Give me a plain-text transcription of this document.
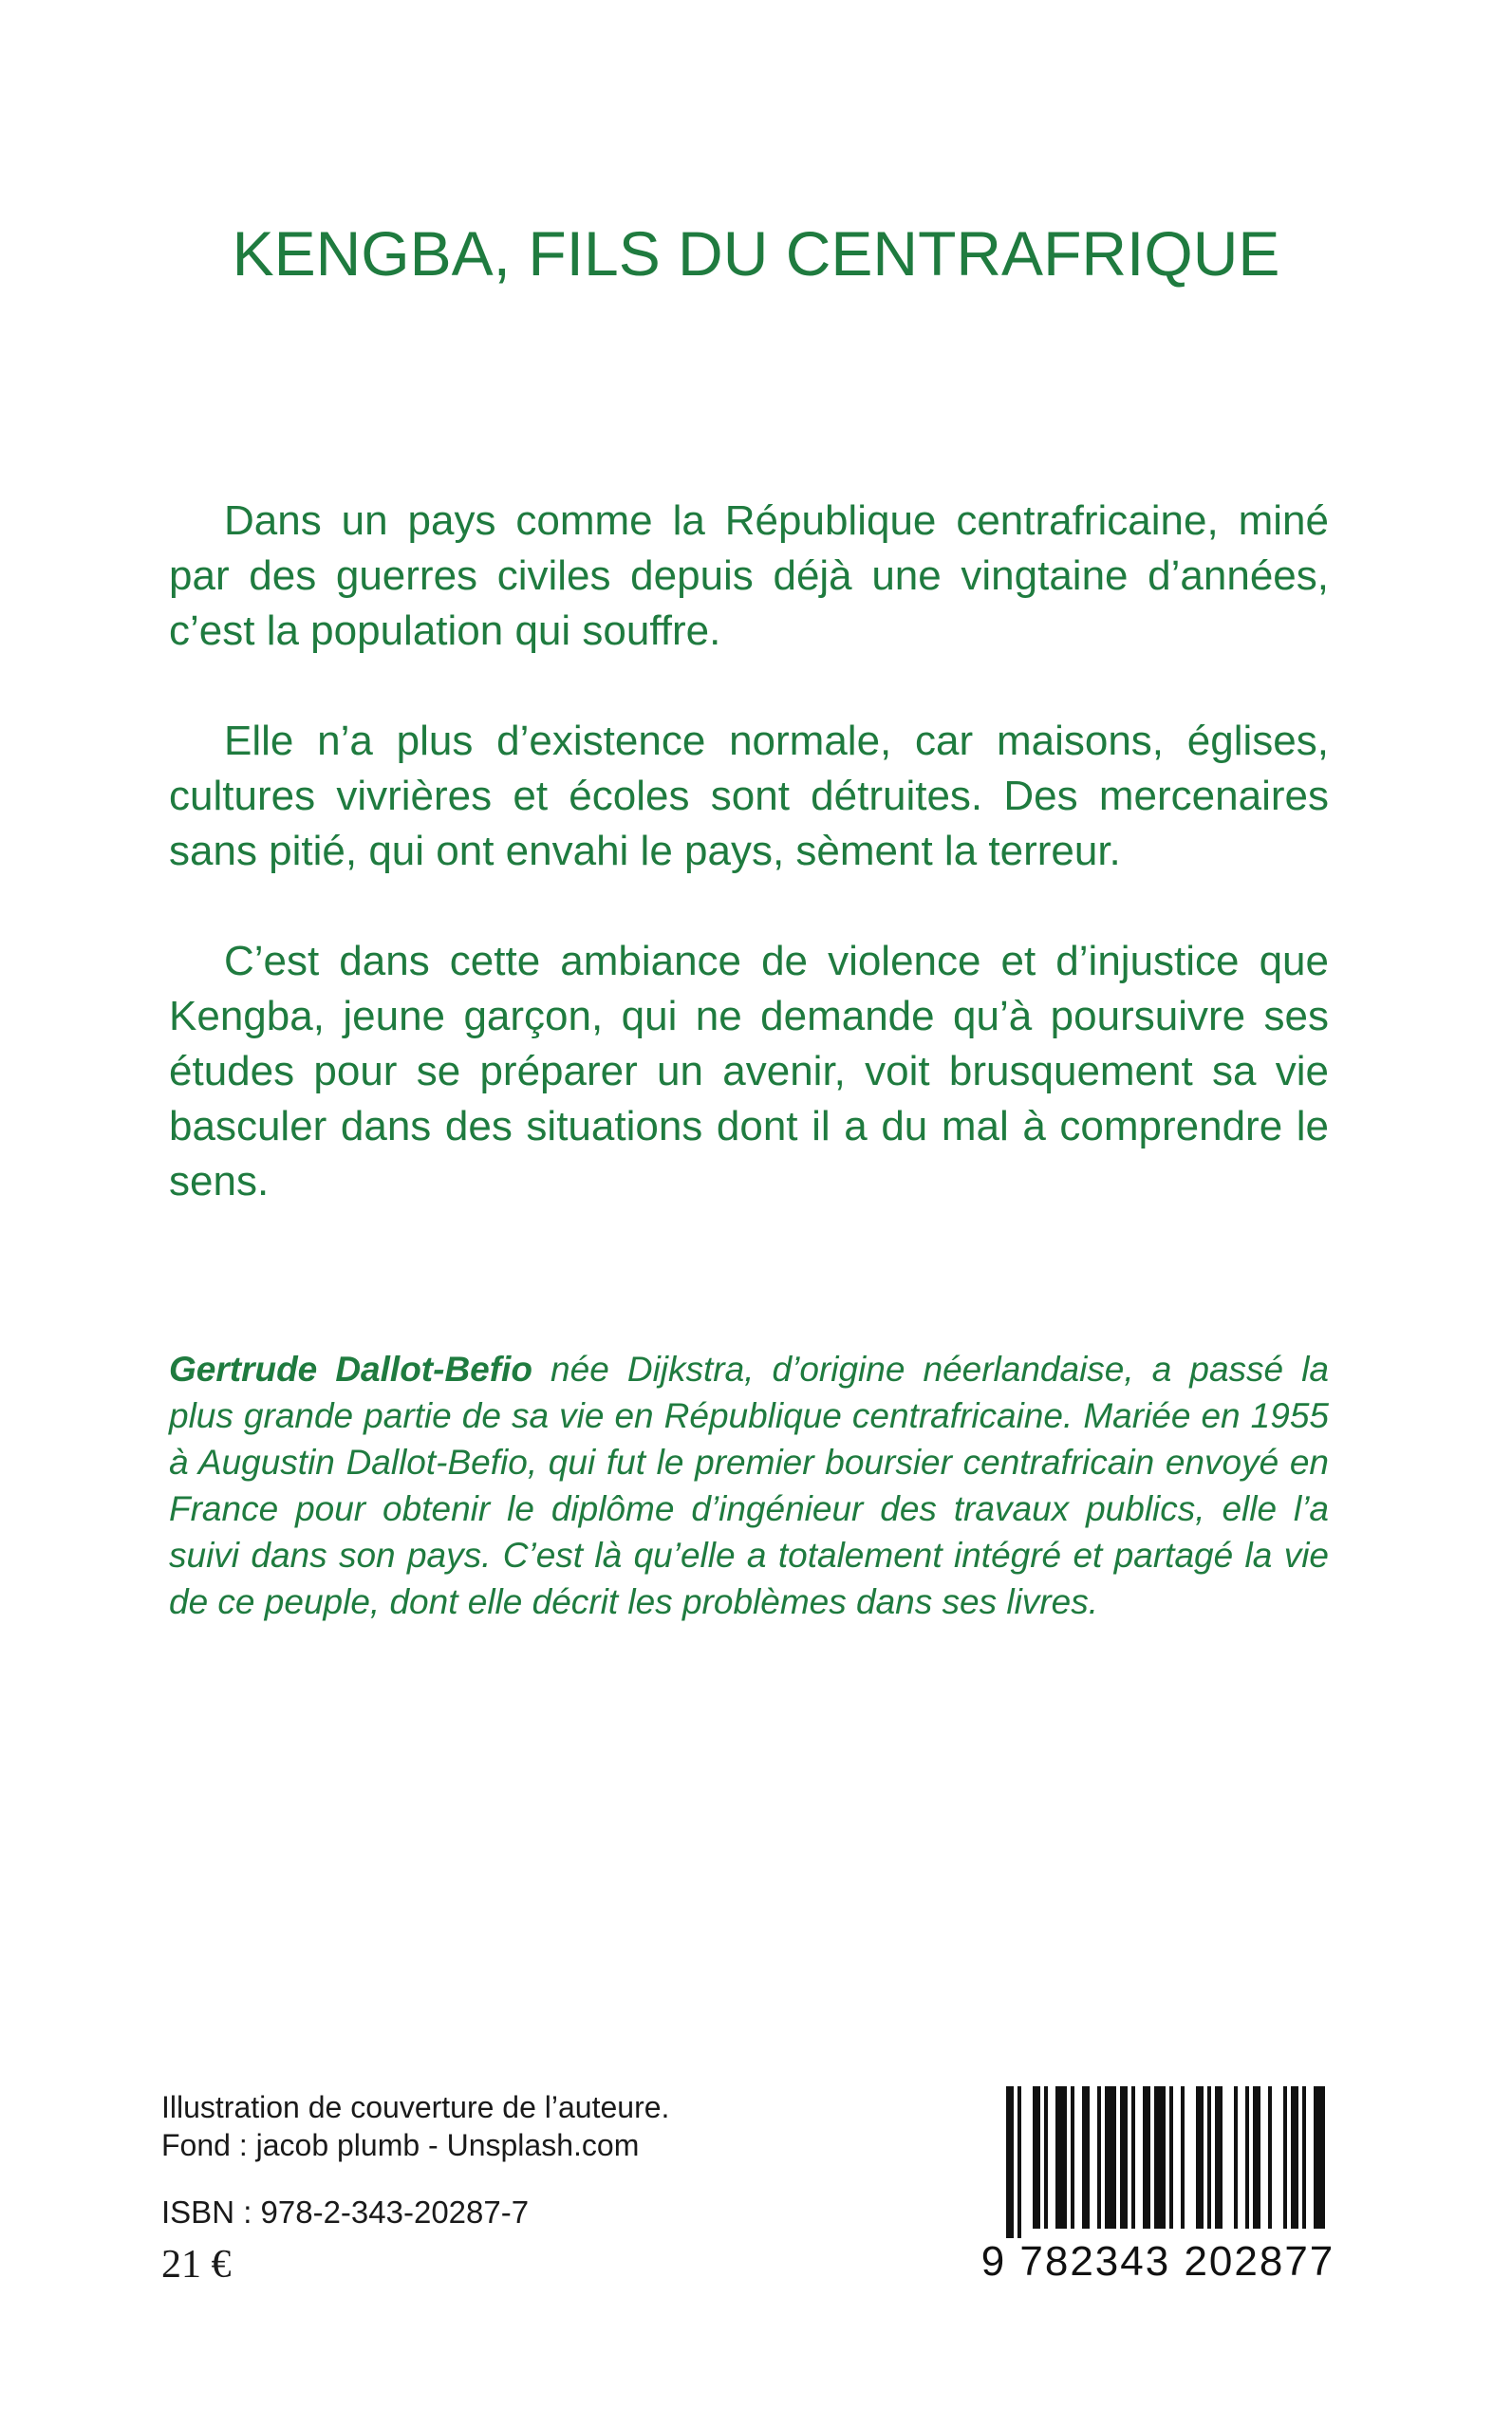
KENGBA, FILS DU CENTRAFRIQUE

Dans un pays comme la République centrafricaine, miné par des guerres civiles depuis déjà une vingtaine d’années, c’est la population qui souffre.

Elle n’a plus d’existence normale, car maisons, églises, cultures vivrières et écoles sont détruites. Des mercenaires sans pitié, qui ont envahi le pays, sèment la terreur.

C’est dans cette ambiance de violence et d’injustice que Kengba, jeune garçon, qui ne demande qu’à poursuivre ses études pour se préparer un avenir, voit brusquement sa vie basculer dans des situations dont il a du mal à comprendre le sens.

Gertrude Dallot-Befio née Dijkstra, d’origine néerlandaise, a passé la plus grande partie de sa vie en République centrafricaine. Mariée en 1955 à Augustin Dallot-Befio, qui fut le premier boursier centrafricain envoyé en France pour obtenir le diplôme d’ingénieur des travaux publics, elle l’a suivi dans son pays. C’est là qu’elle a totalement intégré et partagé la vie de ce peuple, dont elle décrit les problèmes dans ses livres.

Illustration de couverture de l’auteure.
Fond : jacob plumb - Unsplash.com
ISBN : 978-2-343-20287-7
21 €	9 782343 202877
